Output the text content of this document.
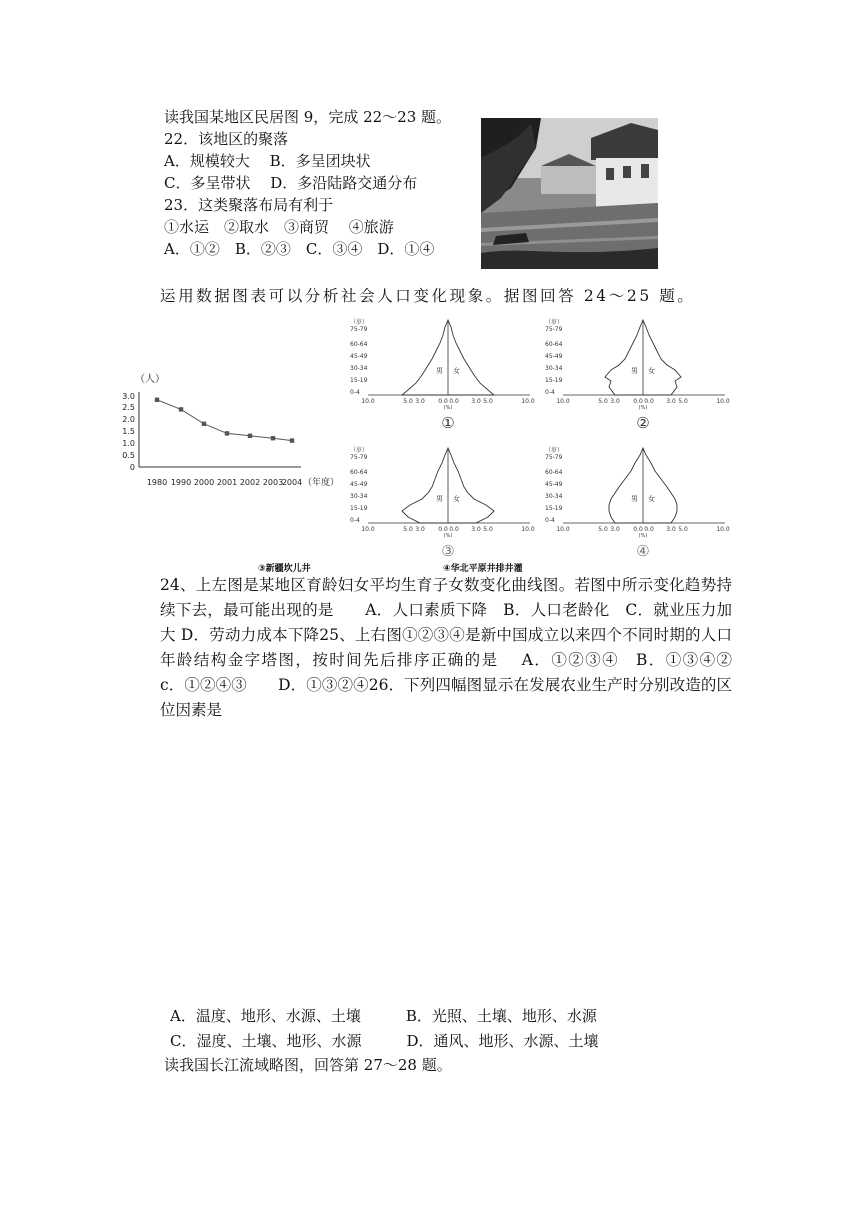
读我国某地区民居图 9，完成 22～23 题。
22．该地区的聚落
A．规模较大　 B．多呈团块状
C．多呈带状　 D．多沿陆路交通分布
23．这类聚落布局有利于
①水运　②取水　③商贸　 ④旅游
A．①②　B．②③　C．③④　D．①④
运用数据图表可以分析社会人口变化现象。据图回答 24～25 题。
（人）
3.0
2.5
2.0
1.5
1.0
0.5
0
1980 1990 2000 2001 2002 2003
2004 （年度）
（岁）
75-79
60-64
45-49
30-34
15-19
0-4
男 女
10.0	5.0 3.0 0.0 0.0 3.0 5.0	10.0
(%)
①
（岁）
75-79
60-64
45-49
30-34
15-19
0-4
男 女
10.0	5.0 3.0 0.0 0.0 3.0 5.0	10.0
(%)
②
（岁）
75-79
60-64
45-49
30-34
15-19
0-4
男 女
10.0	5.0 3.0 0.0 0.0 3.0 5.0	10.0
(%)
③
（岁）
75-79
60-64
45-49
30-34
15-19
0-4
男 女
10.0	5.0 3.0 0.0 0.0 3.0 5.0	10.0
(%)
④
③新疆坎儿井	④华北平原井排井灌
24、上左图是某地区育龄妇女平均生育子女数变化曲线图。若图中所示变化趋势持续下去，最可能出现的是　　A．人口素质下降　B．人口老龄化　C．就业压力加大 D．劳动力成本下降25、上右图①②③④是新中国成立以来四个不同时期的人口年龄结构金字塔图，按时间先后排序正确的是　 A．①②③④　B．①③④②　　c．①②④③　　D．①③②④26．下列四幅图显示在发展农业生产时分别改造的区位因素是
A．温度、地形、水源、土壤　　　B．光照、土壤、地形、水源
C．湿度、土壤、地形、水源　　　D．通风、地形、水源、土壤
读我国长江流域略图，回答第 27～28 题。
